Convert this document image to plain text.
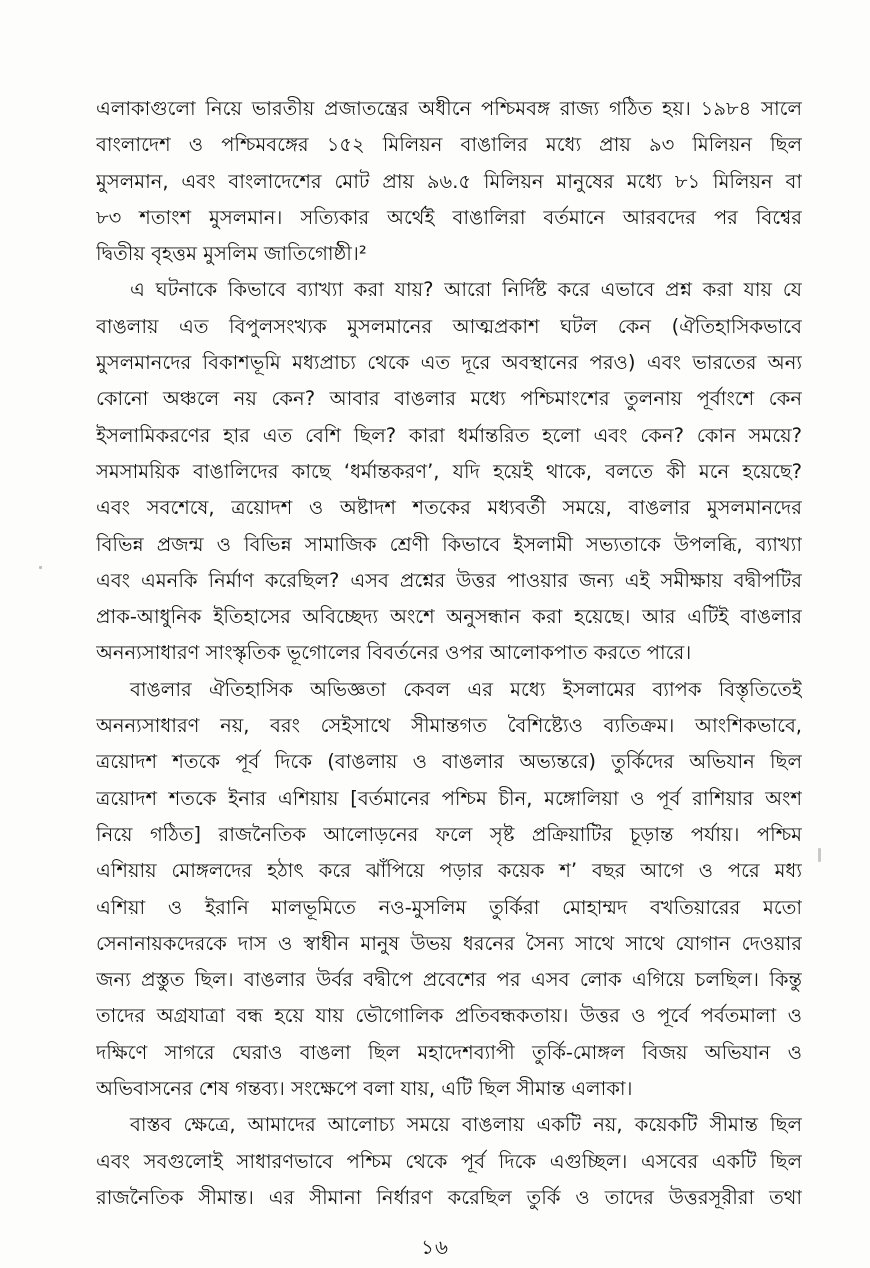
এলাকাগুলো নিয়ে ভারতীয় প্রজাতন্ত্রের অধীনে পশ্চিমবঙ্গ রাজ্য গঠিত হয়। ১৯৮৪ সালে
বাংলাদেশ ও পশ্চিমবঙ্গের ১৫২ মিলিয়ন বাঙালির মধ্যে প্রায় ৯৩ মিলিয়ন ছিল
মুসলমান, এবং বাংলাদেশের মোট প্রায় ৯৬.৫ মিলিয়ন মানুষের মধ্যে ৮১ মিলিয়ন বা
৮৩ শতাংশ মুসলমান। সত্যিকার অর্থেই বাঙালিরা বর্তমানে আরবদের পর বিশ্বের
দ্বিতীয় বৃহত্তম মুসলিম জাতিগোষ্ঠী।²

এ ঘটনাকে কিভাবে ব্যাখ্যা করা যায়? আরো নির্দিষ্ট করে এভাবে প্রশ্ন করা যায় যে
বাঙলায় এত বিপুলসংখ্যক মুসলমানের আত্মপ্রকাশ ঘটল কেন (ঐতিহাসিকভাবে
মুসলমানদের বিকাশভূমি মধ্যপ্রাচ্য থেকে এত দূরে অবস্থানের পরও) এবং ভারতের অন্য
কোনো অঞ্চলে নয় কেন? আবার বাঙলার মধ্যে পশ্চিমাংশের তুলনায় পূর্বাংশে কেন
ইসলামিকরণের হার এত বেশি ছিল? কারা ধর্মান্তরিত হলো এবং কেন? কোন সময়ে?
সমসাময়িক বাঙালিদের কাছে ‘ধর্মান্তকরণ’, যদি হয়েই থাকে, বলতে কী মনে হয়েছে?
এবং সবশেষে, ত্রয়োদশ ও অষ্টাদশ শতকের মধ্যবর্তী সময়ে, বাঙলার মুসলমানদের
বিভিন্ন প্রজন্ম ও বিভিন্ন সামাজিক শ্রেণী কিভাবে ইসলামী সভ্যতাকে উপলব্ধি, ব্যাখ্যা
এবং এমনকি নির্মাণ করেছিল? এসব প্রশ্নের উত্তর পাওয়ার জন্য এই সমীক্ষায় বদ্বীপটির
প্রাক-আধুনিক ইতিহাসের অবিচ্ছেদ্য অংশে অনুসন্ধান করা হয়েছে। আর এটিই বাঙলার
অনন্যসাধারণ সাংস্কৃতিক ভূগোলের বিবর্তনের ওপর আলোকপাত করতে পারে।

বাঙলার ঐতিহাসিক অভিজ্ঞতা কেবল এর মধ্যে ইসলামের ব্যাপক বিস্তৃতিতেই
অনন্যসাধারণ নয়, বরং সেইসাথে সীমান্তগত বৈশিষ্ট্যেও ব্যতিক্রম। আংশিকভাবে,
ত্রয়োদশ শতকে পূর্ব দিকে (বাঙলায় ও বাঙলার অভ্যন্তরে) তুর্কিদের অভিযান ছিল
ত্রয়োদশ শতকে ইনার এশিয়ায় [বর্তমানের পশ্চিম চীন, মঙ্গোলিয়া ও পূর্ব রাশিয়ার অংশ
নিয়ে গঠিত] রাজনৈতিক আলোড়নের ফলে সৃষ্ট প্রক্রিয়াটির চূড়ান্ত পর্যায়। পশ্চিম
এশিয়ায় মোঙ্গলদের হঠাৎ করে ঝাঁপিয়ে পড়ার কয়েক শ’ বছর আগে ও পরে মধ্য
এশিয়া ও ইরানি মালভূমিতে নও-মুসলিম তুর্কিরা মোহাম্মদ বখতিয়ারের মতো
সেনানায়কদেরকে দাস ও স্বাধীন মানুষ উভয় ধরনের সৈন্য সাথে সাথে যোগান দেওয়ার
জন্য প্রস্তুত ছিল। বাঙলার উর্বর বদ্বীপে প্রবেশের পর এসব লোক এগিয়ে চলছিল। কিন্তু
তাদের অগ্রযাত্রা বন্ধ হয়ে যায় ভৌগোলিক প্রতিবন্ধকতায়। উত্তর ও পূর্বে পর্বতমালা ও
দক্ষিণে সাগরে ঘেরাও বাঙলা ছিল মহাদেশব্যাপী তুর্কি-মোঙ্গল বিজয় অভিযান ও
অভিবাসনের শেষ গন্তব্য। সংক্ষেপে বলা যায়, এটি ছিল সীমান্ত এলাকা।

বাস্তব ক্ষেত্রে, আমাদের আলোচ্য সময়ে বাঙলায় একটি নয়, কয়েকটি সীমান্ত ছিল
এবং সবগুলোই সাধারণভাবে পশ্চিম থেকে পূর্ব দিকে এগুচ্ছিল। এসবের একটি ছিল
রাজনৈতিক সীমান্ত। এর সীমানা নির্ধারণ করেছিল তুর্কি ও তাদের উত্তরসূরীরা তথা

১৬
